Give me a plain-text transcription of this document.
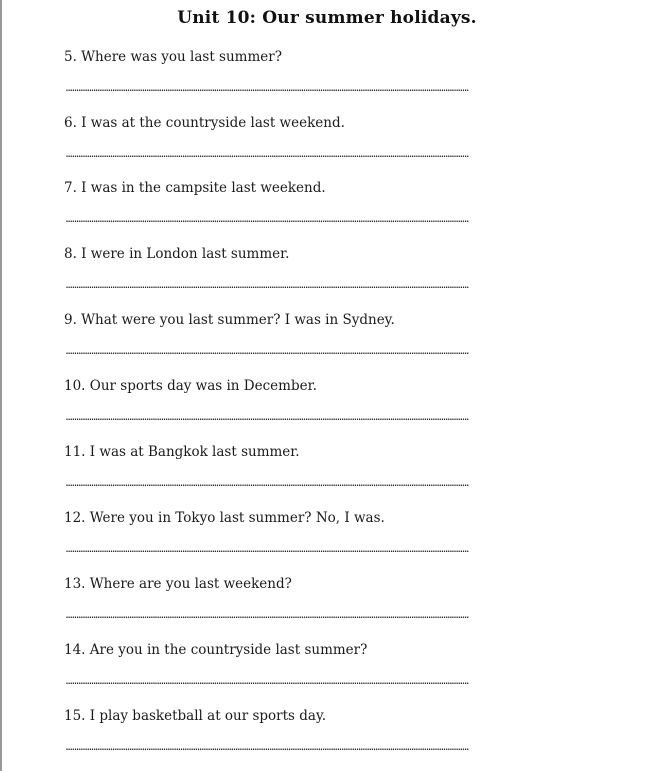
Unit 10: Our summer holidays.
5. Where was you last summer?
..............................................................................................................................................................................................
6. I was at the countryside last weekend.
..............................................................................................................................................................................................
7. I was in the campsite last weekend.
..............................................................................................................................................................................................
8. I were in London last summer.
..............................................................................................................................................................................................
9. What were you last summer? I was in Sydney.
..............................................................................................................................................................................................
10. Our sports day was in December.
..............................................................................................................................................................................................
11. I was at Bangkok last summer.
..............................................................................................................................................................................................
12. Were you in Tokyo last summer? No, I was.
..............................................................................................................................................................................................
13. Where are you last weekend?
..............................................................................................................................................................................................
14. Are you in the countryside last summer?
..............................................................................................................................................................................................
15. I play basketball at our sports day.
..............................................................................................................................................................................................
